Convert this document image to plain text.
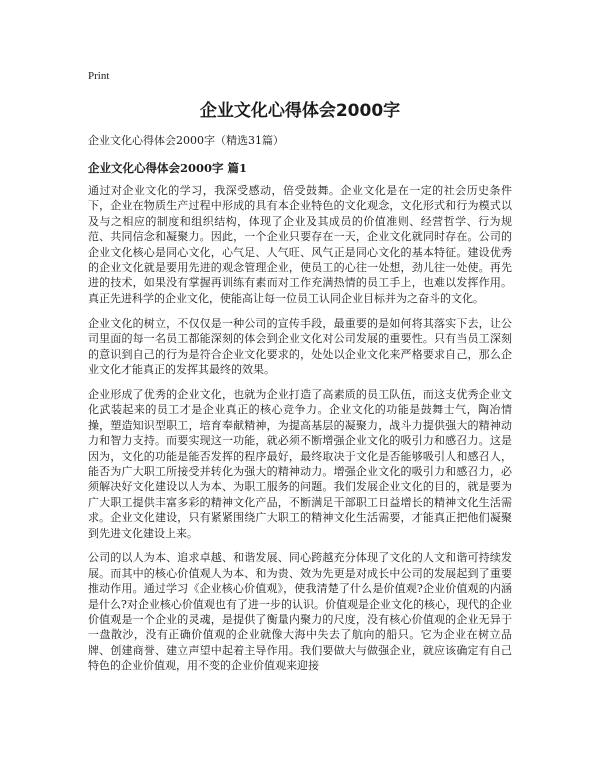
Print
企业文化心得体会2000字
企业文化心得体会2000字（精选31篇）
企业文化心得体会2000字 篇1

通过对企业文化的学习，我深受感动，倍受鼓舞。企业文化是在一定的社会历史条件下，企业在物质生产过程中形成的具有本企业特色的文化观念，文化形式和行为模式以及与之相应的制度和组织结构，体现了企业及其成员的价值准则、经营哲学、行为规范、共同信念和凝聚力。因此，一个企业只要存在一天，企业文化就同时存在。公司的企业文化核心是同心文化，心气足、人气旺、风气正是同心文化的基本特征。建设优秀的企业文化就是要用先进的观念管理企业，使员工的心往一处想，劲儿往一处使。再先进的技术，如果没有掌握再训练有素而对工作充满热情的员工手上，也难以发挥作用。真正先进科学的企业文化，使能高让每一位员工认同企业目标并为之奋斗的文化。

企业文化的树立，不仅仅是一种公司的宣传手段，最重要的是如何将其落实下去，让公司里面的每一名员工都能深刻的体会到企业文化对公司发展的重要性。只有当员工深刻的意识到自己的行为是符合企业文化要求的，处处以企业文化来严格要求自己，那么企业文化才能真正的发挥其最终的效果。

企业形成了优秀的企业文化，也就为企业打造了高素质的员工队伍，而这支优秀企业文化武装起来的员工才是企业真正的核心竞争力。企业文化的功能是鼓舞士气，陶冶情操，塑造知识型职工，培育奉献精神，为提高基层的凝聚力，战斗力提供强大的精神动力和智力支持。而要实现这一功能，就必须不断增强企业文化的吸引力和感召力。这是因为，文化的功能是能否发挥的程序最好，最终取决于文化是否能够吸引人和感召人，能否为广大职工所接受并转化为强大的精神动力。增强企业文化的吸引力和感召力，必须解决好文化建设以人为本、为职工服务的问题。我们发展企业文化的目的，就是要为广大职工提供丰富多彩的精神文化产品，不断满足干部职工日益增长的精神文化生活需求。企业文化建设，只有紧紧围绕广大职工的精神文化生活需要，才能真正把他们凝聚到先进文化建设上来。

公司的以人为本、追求卓越、和谐发展、同心跨越充分体现了文化的人文和谐可持续发展。而其中的核心价值观人为本、和为贵、效为先更是对成长中公司的发展起到了重要推动作用。通过学习《企业核心价值观》，使我清楚了什么是价值观?企业价值观的内涵是什么?对企业核心价值观也有了进一步的认识。价值观是企业文化的核心，现代的企业价值观是一个企业的灵魂，是提供了衡量内聚力的尺度，没有核心价值观的企业无异于一盘散沙，没有正确价值观的企业就像大海中失去了航向的船只。它为企业在树立品牌、创建商誉、建立声望中起着主导作用。我们要做大与做强企业，就应该确定有自己特色的企业价值观，用不变的企业价值观来迎接
